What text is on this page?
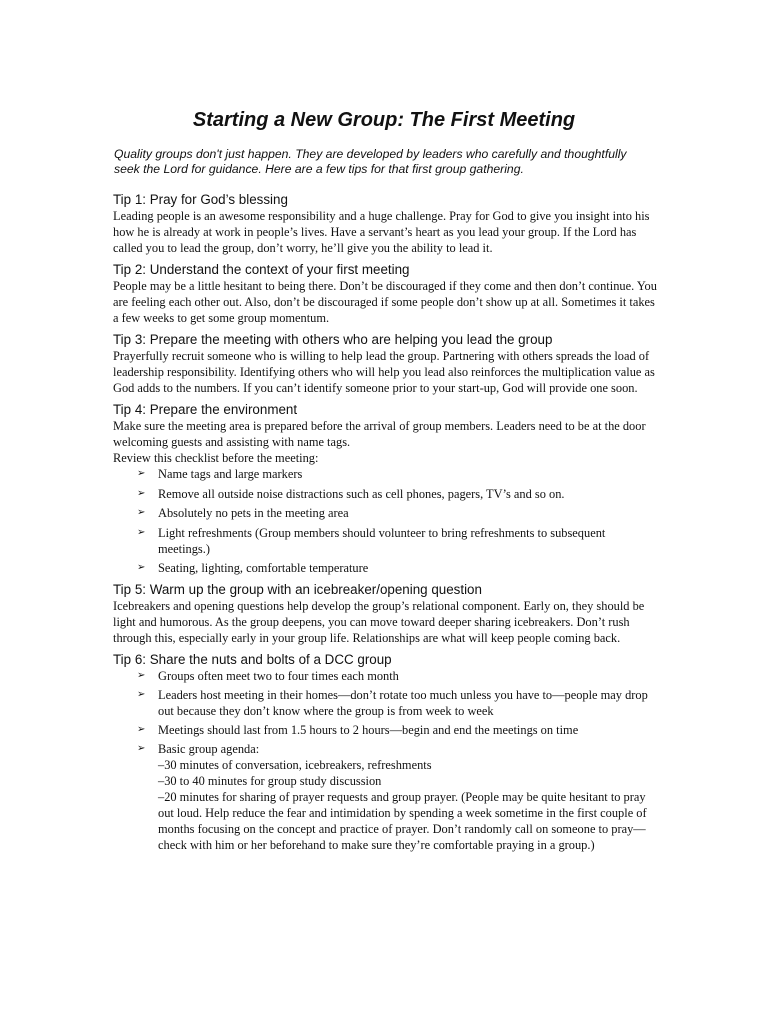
Starting a New Group: The First Meeting

Quality groups don't just happen. They are developed by leaders who carefully and thoughtfully seek the Lord for guidance. Here are a few tips for that first group gathering.

Tip 1: Pray for God’s blessing

Leading people is an awesome responsibility and a huge challenge. Pray for God to give you insight into his how he is already at work in people’s lives. Have a servant’s heart as you lead your group. If the Lord has called you to lead the group, don’t worry, he’ll give you the ability to lead it.

Tip 2: Understand the context of your first meeting

People may be a little hesitant to being there. Don’t be discouraged if they come and then don’t continue. You are feeling each other out. Also, don’t be discouraged if some people don’t show up at all. Sometimes it takes a few weeks to get some group momentum.

Tip 3: Prepare the meeting with others who are helping you lead the group

Prayerfully recruit someone who is willing to help lead the group. Partnering with others spreads the load of leadership responsibility. Identifying others who will help you lead also reinforces the multiplication value as God adds to the numbers. If you can’t identify someone prior to your start-up, God will provide one soon.

Tip 4: Prepare the environment

Make sure the meeting area is prepared before the arrival of group members. Leaders need to be at the door welcoming guests and assisting with name tags.

Review this checklist before the meeting:

➢ Name tags and large markers
➢ Remove all outside noise distractions such as cell phones, pagers, TV’s and so on.
➢ Absolutely no pets in the meeting area
➢ Light refreshments (Group members should volunteer to bring refreshments to subsequent meetings.)
➢ Seating, lighting, comfortable temperature
Tip 5: Warm up the group with an icebreaker/opening question

Icebreakers and opening questions help develop the group’s relational component. Early on, they should be light and humorous. As the group deepens, you can move toward deeper sharing icebreakers. Don’t rush through this, especially early in your group life. Relationships are what will keep people coming back.

Tip 6: Share the nuts and bolts of a DCC group
➢ Groups often meet two to four times each month
➢ Leaders host meeting in their homes—don’t rotate too much unless you have to—people may drop out because they don’t know where the group is from week to week
➢ Meetings should last from 1.5 hours to 2 hours—begin and end the meetings on time
➢ Basic group agenda:
–30 minutes of conversation, icebreakers, refreshments
–30 to 40 minutes for group study discussion
–20 minutes for sharing of prayer requests and group prayer. (People may be quite hesitant to pray out loud. Help reduce the fear and intimidation by spending a week sometime in the first couple of months focusing on the concept and practice of prayer. Don’t randomly call on someone to pray—check with him or her beforehand to make sure they’re comfortable praying in a group.)
